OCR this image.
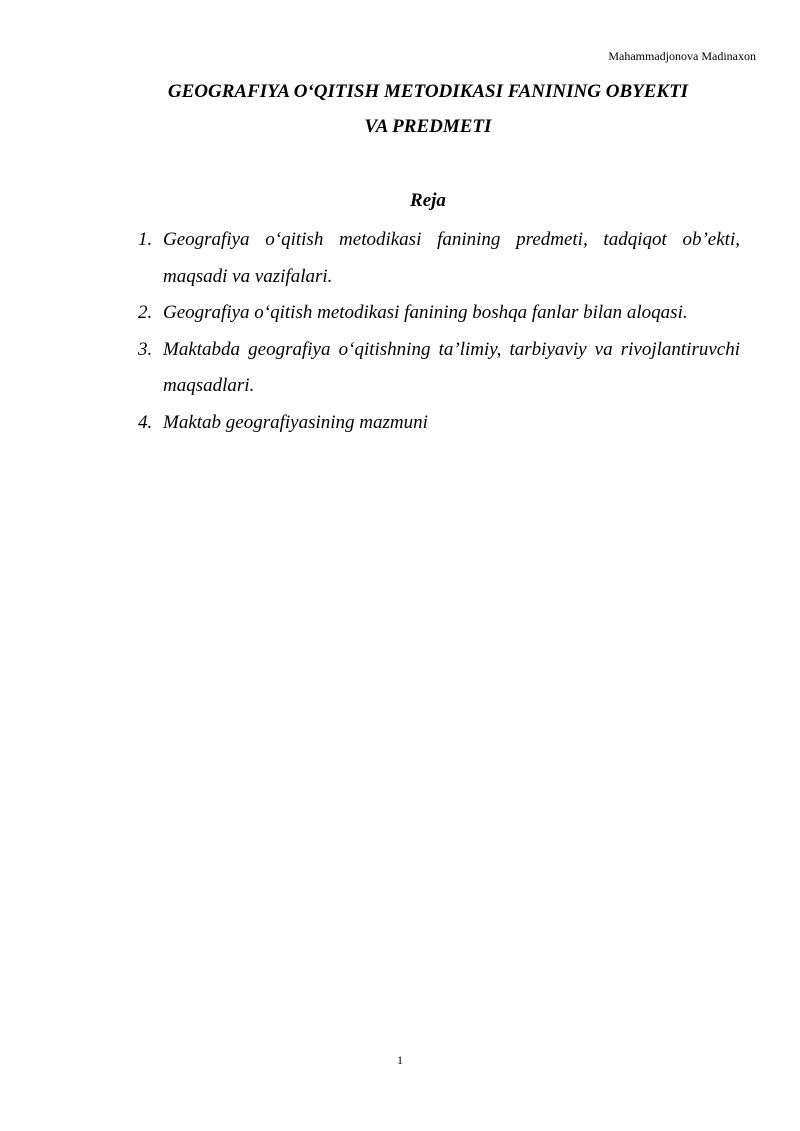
Mahammadjonova Madinaxon
GEOGRAFIYA O‘QITISH METODIKASI FANINING OBYEKTI
VA PREDMETI
Reja
1. Geografiya o‘qitish metodikasi fanining predmeti, tadqiqot ob’ekti, maqsadi va vazifalari.
2. Geografiya o‘qitish metodikasi fanining boshqa fanlar bilan aloqasi.
3. Maktabda geografiya o‘qitishning ta’limiy, tarbiyaviy va rivojlantiruvchi maqsadlari.
4. Maktab geografiyasining mazmuni
1
